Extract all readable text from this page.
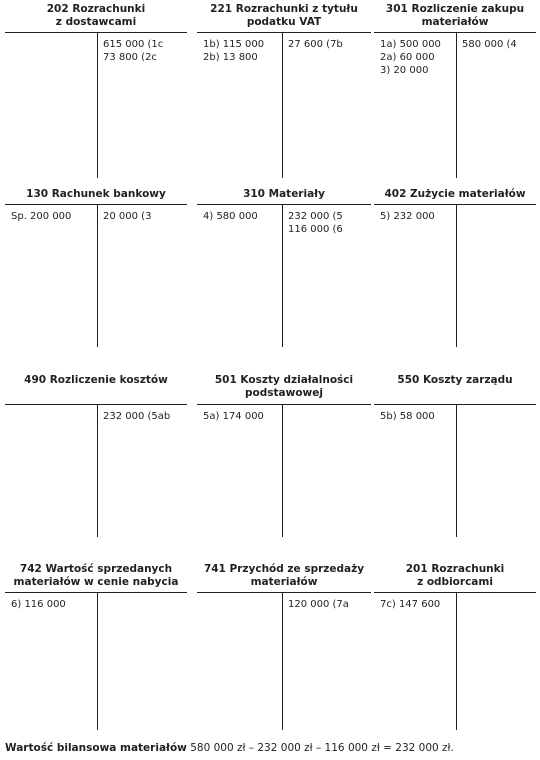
202 Rozrachunki
z dostawcami
615 000 (1c
73 800 (2c
221 Rozrachunki z tytułu
podatku VAT
1b) 115 000
2b) 13 800
27 600 (7b
301 Rozliczenie zakupu
materiałów
1a) 500 000
2a) 60 000
3) 20 000
580 000 (4
130 Rachunek bankowy
Sp. 200 000	20 000 (3
310 Materiały
4) 580 000	232 000 (5
116 000 (6
402 Zużycie materiałów
5) 232 000
490 Rozliczenie kosztów
232 000 (5ab
501 Koszty działalności
podstawowej
5a) 174 000
550 Koszty zarządu
5b) 58 000
742 Wartość sprzedanych
materiałów w cenie nabycia
6) 116 000
741 Przychód ze sprzedaży
materiałów
120 000 (7a
201 Rozrachunki
z odbiorcami
7c) 147 600
Wartość bilansowa materiałów 580 000 zł – 232 000 zł – 116 000 zł = 232 000 zł.
